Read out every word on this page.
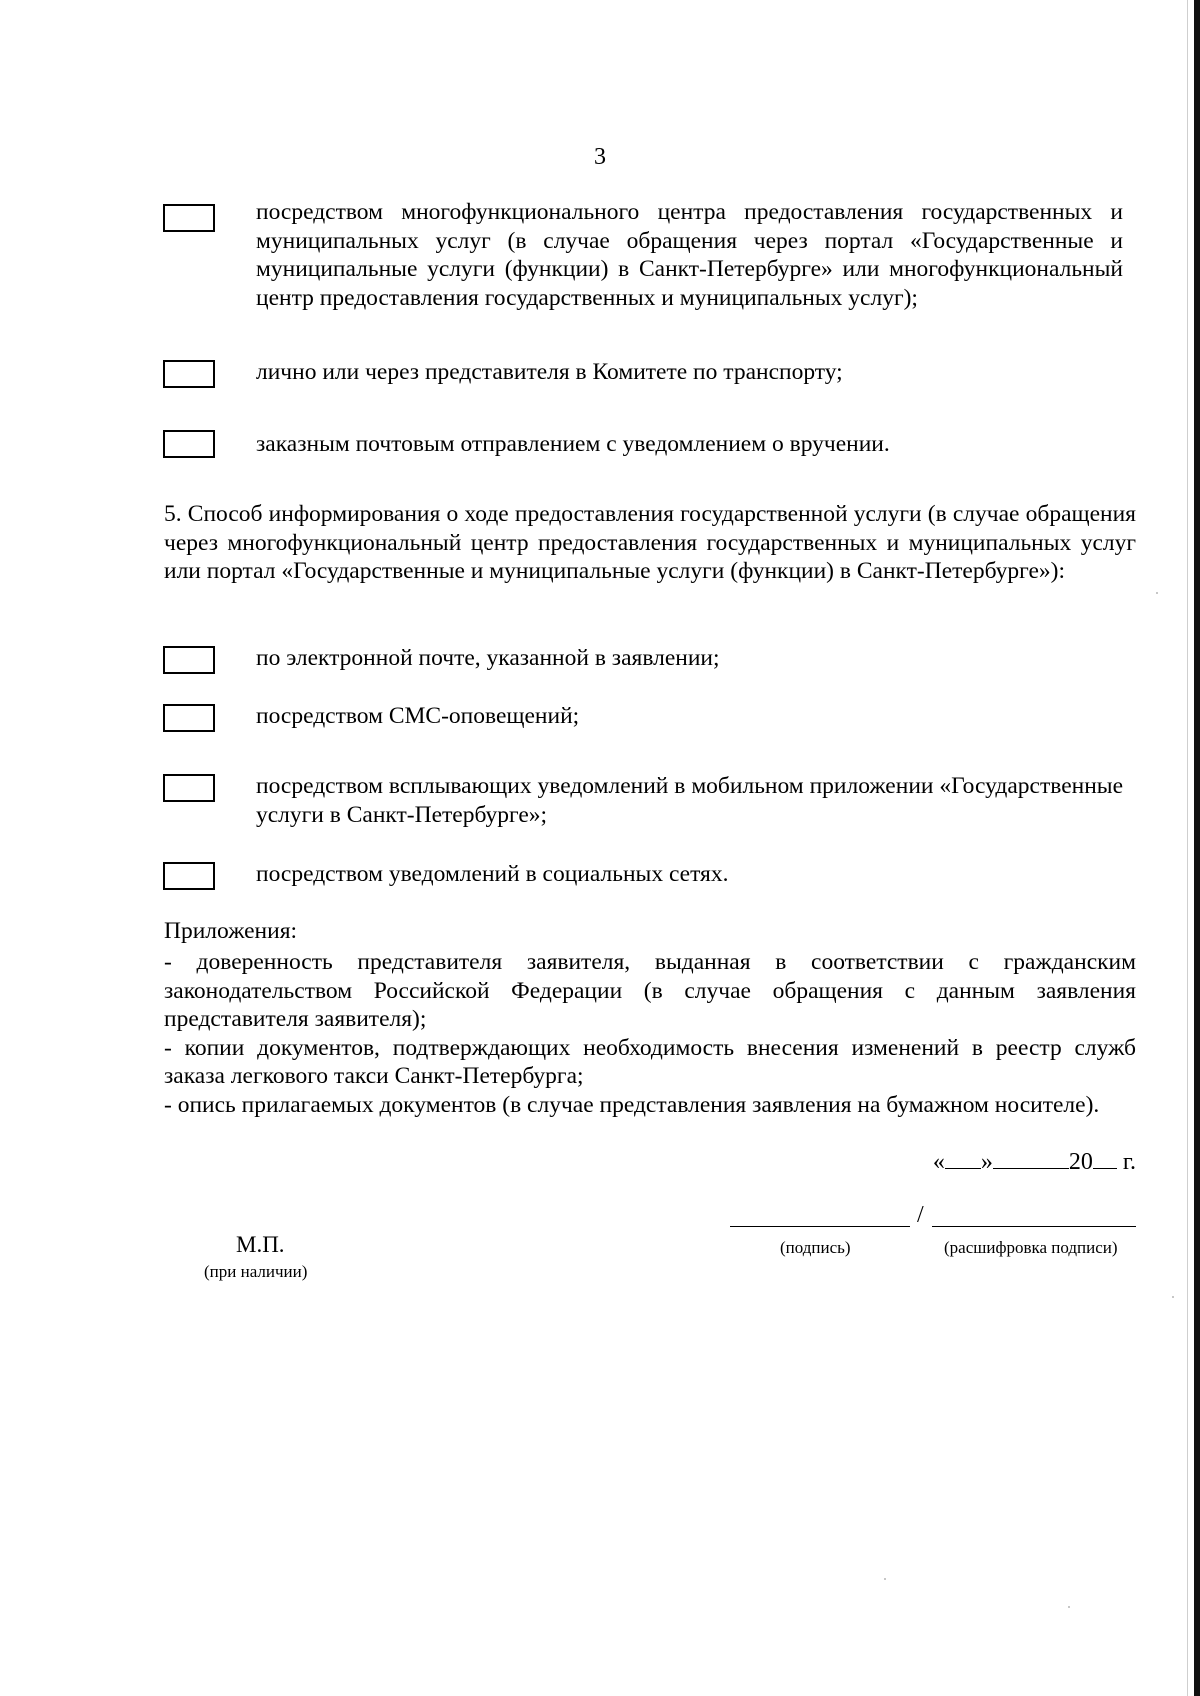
3
посредством многофункционального центра предоставления государственных и муниципальных услуг (в случае обращения через портал «Государственные и муниципальные услуги (функции) в Санкт-Петербурге» или многофункциональный центр предоставления государственных и муниципальных услуг);
лично или через представителя в Комитете по транспорту;
заказным почтовым отправлением с уведомлением о вручении.
5. Способ информирования о ходе предоставления государственной услуги (в случае обращения через многофункциональный центр предоставления государственных и муниципальных услуг или портал «Государственные и муниципальные услуги (функции) в Санкт-Петербурге»):
по электронной почте, указанной в заявлении;
посредством СМС-оповещений;
посредством всплывающих уведомлений в мобильном приложении «Государственные услуги в Санкт-Петербурге»;
посредством уведомлений в социальных сетях.
Приложения:

- доверенность представителя заявителя, выданная в соответствии с гражданским законодательством Российской Федерации (в случае обращения с данным заявления представителя заявителя);

- копии документов, подтверждающих необходимость внесения изменений в реестр служб заказа легкового такси Санкт-Петербурга;

- опись прилагаемых документов (в случае представления заявления на бумажном носителе).

« »	20 г.
/
(подпись)	(расшифровка подписи)
М.П.
(при наличии)
